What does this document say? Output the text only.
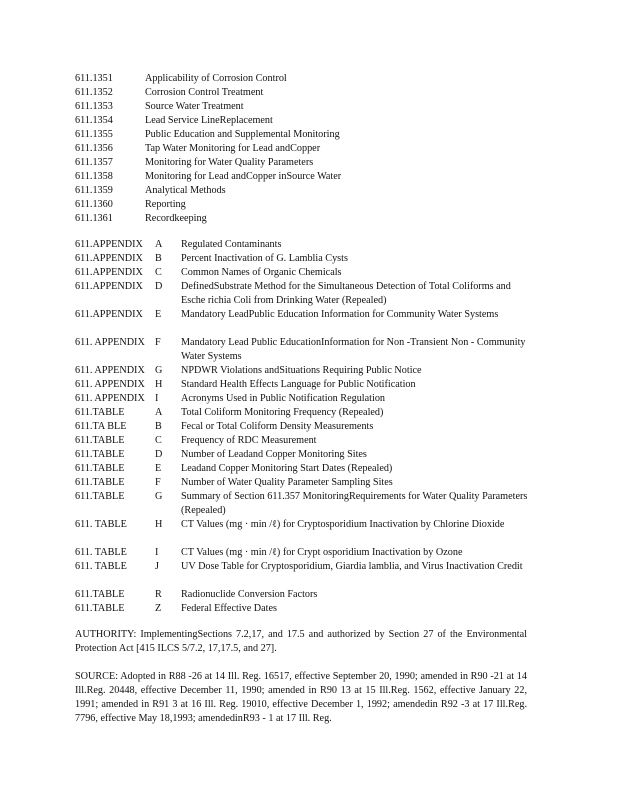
611.1351	Applicability of Corrosion Control
611.1352	Corrosion Control Treatment
611.1353	Source Water Treatment
611.1354	Lead Service LineReplacement
611.1355	Public Education and Supplemental Monitoring
611.1356	Tap Water Monitoring for Lead andCopper
611.1357	Monitoring for Water Quality Parameters
611.1358	Monitoring for Lead andCopper inSource Water
611.1359	Analytical Methods
611.1360	Reporting
611.1361	Recordkeeping
611.APPENDIX	A Regulated Contaminants
611.APPENDIX	B Percent Inactivation of G. Lamblia Cysts
611.APPENDIX	C Common Names of Organic Chemicals
611.APPENDIX	D DefinedSubstrate Method for the Simultaneous Detection of Total Coliforms and Esche richia Coli from Drinking Water (Repealed)
611.APPENDIX	E Mandatory LeadPublic Education Information for Community Water Systems
611. APPENDIX F Mandatory Lead Public EducationInformation for Non -Transient Non - Community Water Systems
611. APPENDIX G NPDWR Violations andSituations Requiring Public Notice
611. APPENDIX H Standard Health Effects Language for Public Notification
611. APPENDIX I Acronyms Used in Public Notification Regulation
611.TABLE	A Total Coliform Monitoring Frequency (Repealed)
611.TA BLE	B Fecal or Total Coliform Density Measurements
611.TABLE	C Frequency of RDC Measurement
611.TABLE	D Number of Leadand Copper Monitoring Sites
611.TABLE	E Leadand Copper Monitoring Start Dates (Repealed)
611.TABLE	F Number of Water Quality Parameter Sampling Sites
611.TABLE	G Summary of Section 611.357 MonitoringRequirements for Water Quality Parameters (Repealed)
611. TABLE	H CT Values (mg · min /ℓ) for Cryptosporidium Inactivation by Chlorine Dioxide
611. TABLE	I CT Values (mg · min /ℓ) for Crypt osporidium Inactivation by Ozone
611. TABLE	J UV Dose Table for Cryptosporidium, Giardia lamblia, and Virus Inactivation Credit
611.TABLE	R Radionuclide Conversion Factors
611.TABLE	Z Federal Effective Dates
AUTHORITY: ImplementingSections 7.2,17, and 17.5 and authorized by Section 27 of the Environmental Protection Act [415 ILCS 5/7.2, 17,17.5, and 27].
SOURCE: Adopted in R88 -26 at 14 Ill. Reg. 16517, effective September 20, 1990; amended in R90 -21 at 14 Ill.Reg. 20448, effective December 11, 1990; amended in R90 13 at 15 Ill.Reg. 1562, effective January 22, 1991; amended in R91 3 at 16 Ill. Reg. 19010, effective December 1, 1992; amendedin R92 -3 at 17 Ill.Reg. 7796, effective May 18,1993; amendedinR93 - 1 at 17 Ill. Reg.
